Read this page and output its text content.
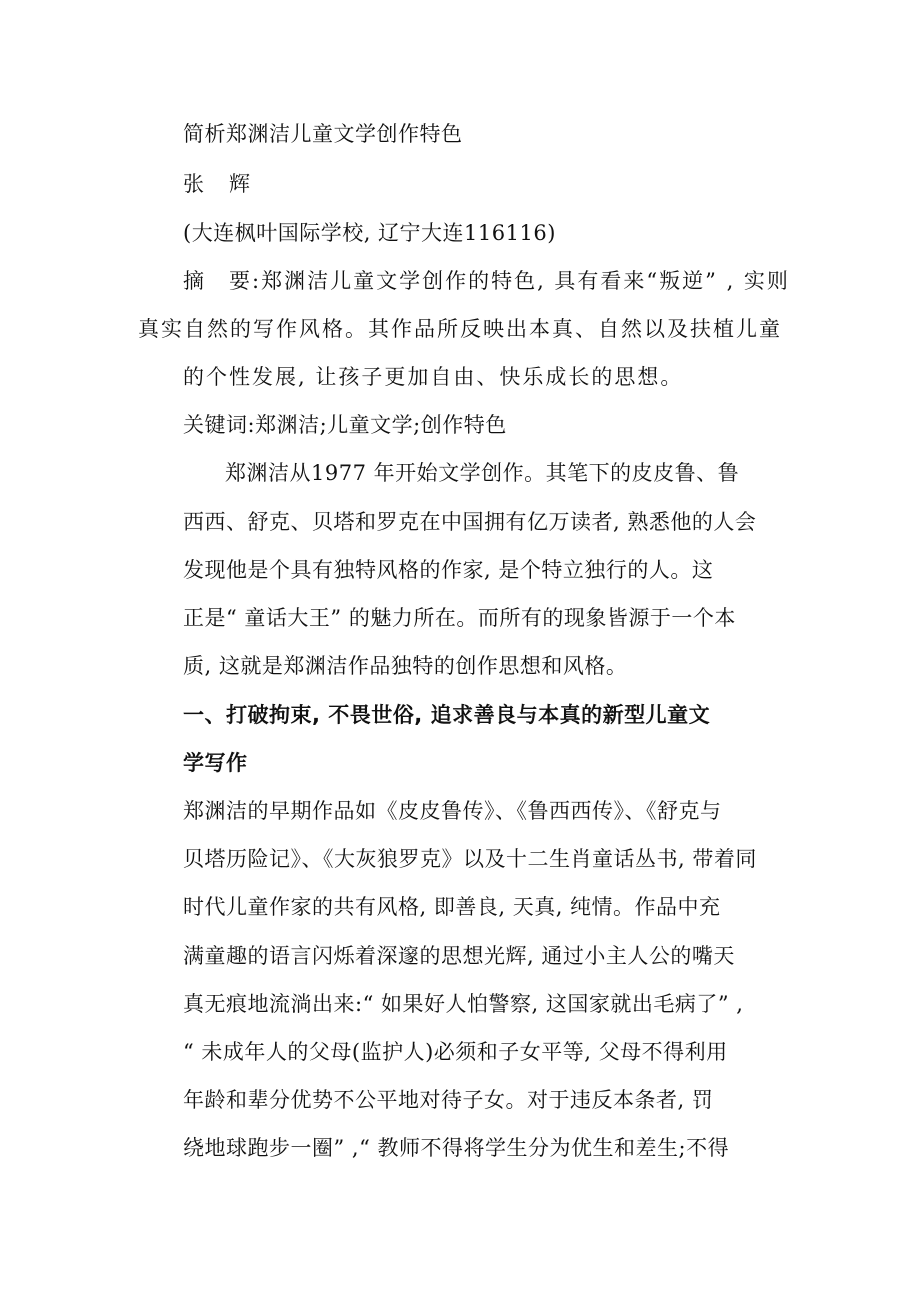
简析郑渊洁儿童文学创作特色
张　辉
(大连枫叶国际学校, 辽宁大连116116)
摘　要:郑渊洁儿童文学创作的特色, 具有看来“叛逆” , 实则
真实自然的写作风格。其作品所反映出本真、自然以及扶植儿童
的个性发展, 让孩子更加自由、快乐成长的思想。
关键词:郑渊洁;儿童文学;创作特色
郑渊洁从1977 年开始文学创作。其笔下的皮皮鲁、鲁
西西、舒克、贝塔和罗克在中国拥有亿万读者, 熟悉他的人会
发现他是个具有独特风格的作家, 是个特立独行的人。这
正是“ 童话大王” 的魅力所在。而所有的现象皆源于一个本
质, 这就是郑渊洁作品独特的创作思想和风格。
一、打破拘束, 不畏世俗, 追求善良与本真的新型儿童文
学写作
郑渊洁的早期作品如《皮皮鲁传》、《鲁西西传》、《舒克与
贝塔历险记》、《大灰狼罗克》以及十二生肖童话丛书, 带着同
时代儿童作家的共有风格, 即善良, 天真, 纯情。作品中充
满童趣的语言闪烁着深邃的思想光辉, 通过小主人公的嘴天
真无痕地流淌出来:“ 如果好人怕警察, 这国家就出毛病了” ,
“ 未成年人的父母(监护人)必须和子女平等, 父母不得利用
年龄和辈分优势不公平地对待子女。对于违反本条者, 罚
绕地球跑步一圈” ,“ 教师不得将学生分为优生和差生;不得
